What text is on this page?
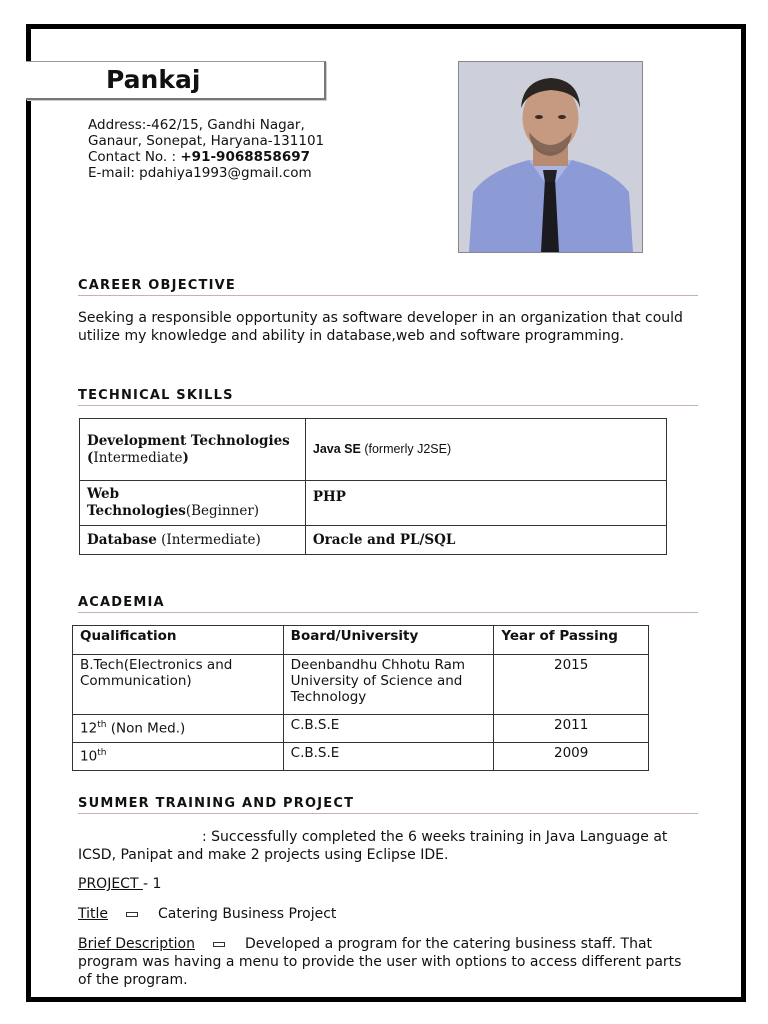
Pankaj
Address:-462/15, Gandhi Nagar,
Ganaur, Sonepat, Haryana-131101
Contact No. : +91-9068858697
E-mail: pdahiya1993@gmail.com
CAREER OBJECTIVE
Seeking a responsible opportunity as software developer in an organization that could utilize my knowledge and ability in database,web and software programming.
TECHNICAL SKILLS
Development Technologies
(Intermediate)	Java SE (formerly J2SE)
Web
Technologies(Beginner)	PHP
Database (Intermediate)	Oracle and PL/SQL
ACADEMIA
Qualification	Board/University	Year of Passing
B.Tech(Electronics and Communication)	Deenbandhu Chhotu Ram University of Science and Technology	2015
12th (Non Med.)	C.B.S.E	2011
10th	C.B.S.E	2009
SUMMER TRAINING AND PROJECT
: Successfully completed the 6 weeks training in Java Language at ICSD, Panipat and make 2 projects using Eclipse IDE.
PROJECT - 1
Title	Catering Business Project
Brief Description	Developed a program for the catering business staff. That program was having a menu to provide the user with options to access different parts of the program.
